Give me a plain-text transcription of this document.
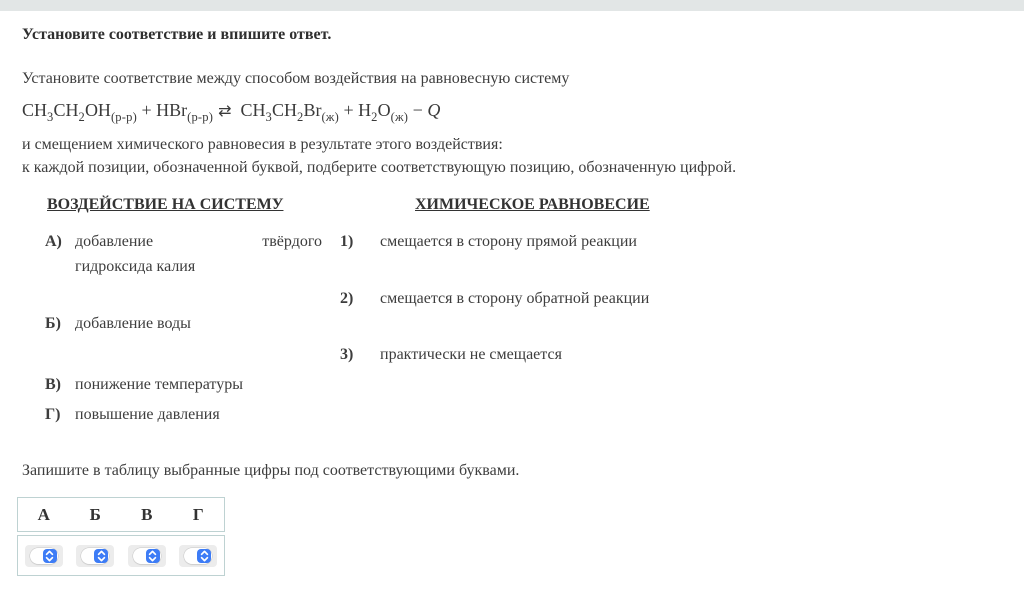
Установите соответствие и впишите ответ.
Установите соответствие между способом воздействия на равновесную систему
$CH_3CH_2OH_{(р-р)} + HBr_{(р-р)}$ ⇄ $CH_3CH_2Br_{(ж)} + H_2O_{(ж)} - Q$
и смещением химического равновесия в результате этого воздействия:
к каждой позиции, обозначенной буквой, подберите соответствующую позицию, обозначенную цифрой.
ВОЗДЕЙСТВИЕ НА СИСТЕМУ	ХИМИЧЕСКОЕ РАВНОВЕСИЕ
А) добавление твёрдого
гидроксида калия
Б) добавление воды
В) понижение температуры
Г) повышение давления
1)	смещается в сторону прямой реакции
2)	смещается в сторону обратной реакции
3)	практически не смещается
Запишите в таблицу выбранные цифры под соответствующими буквами.
А	Б	В	Г
